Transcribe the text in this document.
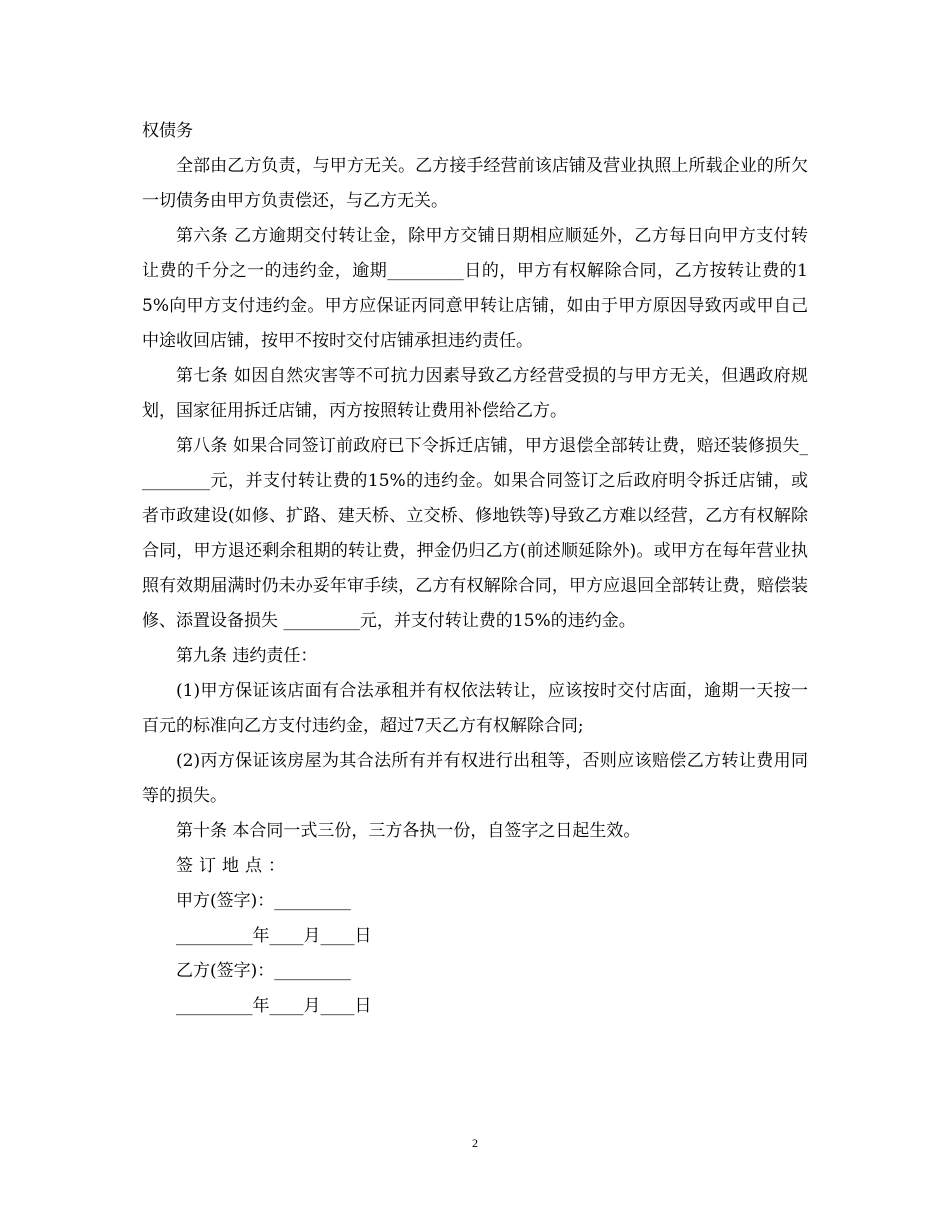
权债务

全部由乙方负责，与甲方无关。乙方接手经营前该店铺及营业执照上所载企业的所欠一切债务由甲方负责偿还，与乙方无关。

第六条 乙方逾期交付转让金，除甲方交铺日期相应顺延外，乙方每日向甲方支付转让费的千分之一的违约金，逾期_________日的，甲方有权解除合同，乙方按转让费的15%向甲方支付违约金。甲方应保证丙同意甲转让店铺，如由于甲方原因导致丙或甲自己中途收回店铺，按甲不按时交付店铺承担违约责任。

第七条 如因自然灾害等不可抗力因素导致乙方经营受损的与甲方无关，但遇政府规划，国家征用拆迁店铺，丙方按照转让费用补偿给乙方。

第八条 如果合同签订前政府已下令拆迁店铺，甲方退偿全部转让费，赔还装修损失_________元，并支付转让费的15%的违约金。如果合同签订之后政府明令拆迁店铺，或者市政建设(如修、扩路、建天桥、立交桥、修地铁等)导致乙方难以经营，乙方有权解除 合同，甲方退还剩余租期的转让费，押金仍归乙方(前述顺延除外)。或甲方在每年营业执照有效期届满时仍未办妥年审手续，乙方有权解除合同，甲方应退回全部转让费，赔偿装修、添置设备损失 _________元，并支付转让费的15%的违约金。

第九条 违约责任：

(1)甲方保证该店面有合法承租并有权依法转让，应该按时交付店面，逾期一天按一百元的标准向乙方支付违约金，超过7天乙方有权解除合同;

(2)丙方保证该房屋为其合法所有并有权进行出租等，否则应该赔偿乙方转让费用同等的损失。

第十条 本合同一式三份，三方各执一份，自签字之日起生效。

签订地点：

甲方(签字)：_________

_________年____月____日

乙方(签字)：_________

_________年____月____日

2
